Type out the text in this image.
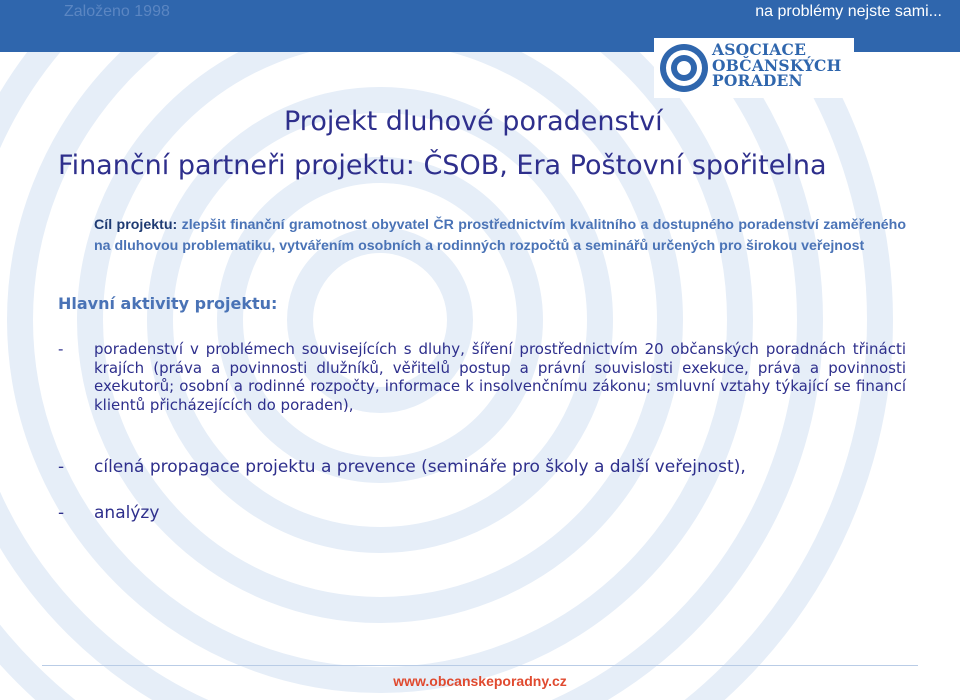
Založeno 1998	na problémy nejste sami...
ASOCIACE
OBČANSKÝCH
PORADEN
Projekt dluhové poradenství
Finanční partneři projektu: ČSOB, Era Poštovní spořitelna
Cíl projektu: zlepšit finanční gramotnost obyvatel ČR prostřednictvím kvalitního a dostupného poradenství zaměřeného na dluhovou problematiku, vytvářením osobních a rodinných rozpočtů a seminářů určených pro širokou veřejnost
Hlavní aktivity projektu:
- poradenství v problémech souvisejících s dluhy, šíření prostřednictvím 20 občanských poradnách třinácti krajích (práva a povinnosti dlužníků, věřitelů postup a právní souvislosti exekuce, práva a povinnosti exekutorů; osobní a rodinné rozpočty, informace k insolvenčnímu zákonu; smluvní vztahy týkající se financí klientů přicházejících do poraden),
- cílená propagace projektu a prevence (semináře pro školy a další veřejnost),
- analýzy
www.obcanskeporadny.cz
